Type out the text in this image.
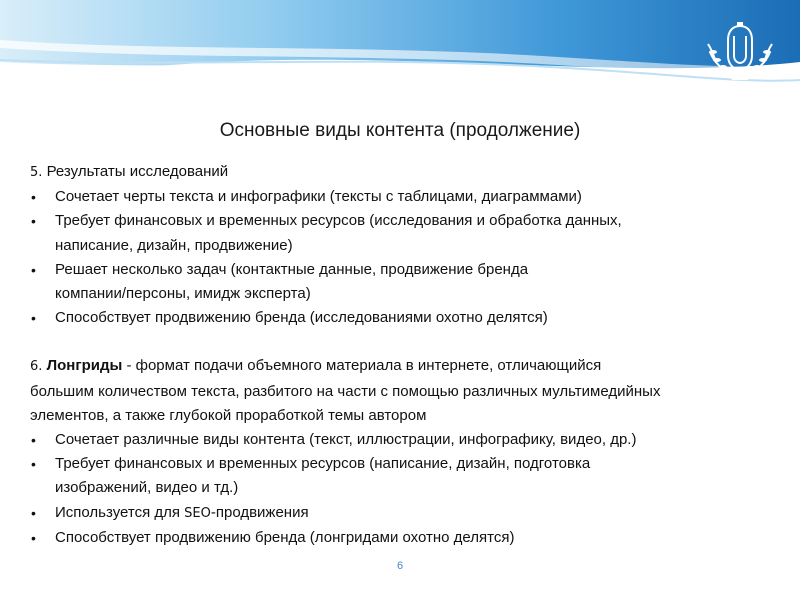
Основные виды контента (продолжение)

5. Результаты исследований

• Сочетает черты текста и инфографики (тексты с таблицами, диаграммами)
• Требует финансовых и временных ресурсов (исследования и обработка данных,
написание, дизайн, продвижение)
• Решает несколько задач (контактные данные, продвижение бренда
компании/персоны, имидж эксперта)
• Способствует продвижению бренда (исследованиями охотно делятся)

6. Лонгриды - формат подачи объемного материала в интернете, отличающийся
большим количеством текста, разбитого на части с помощью различных мультимедийных
элементов, а также глубокой проработкой темы автором

• Сочетает различные виды контента (текст, иллюстрации, инфографику, видео, др.)
• Требует финансовых и временных ресурсов (написание, дизайн, подготовка
изображений, видео и тд.)
• Используется для SEO-продвижения
• Способствует продвижению бренда (лонгридами охотно делятся)
6
